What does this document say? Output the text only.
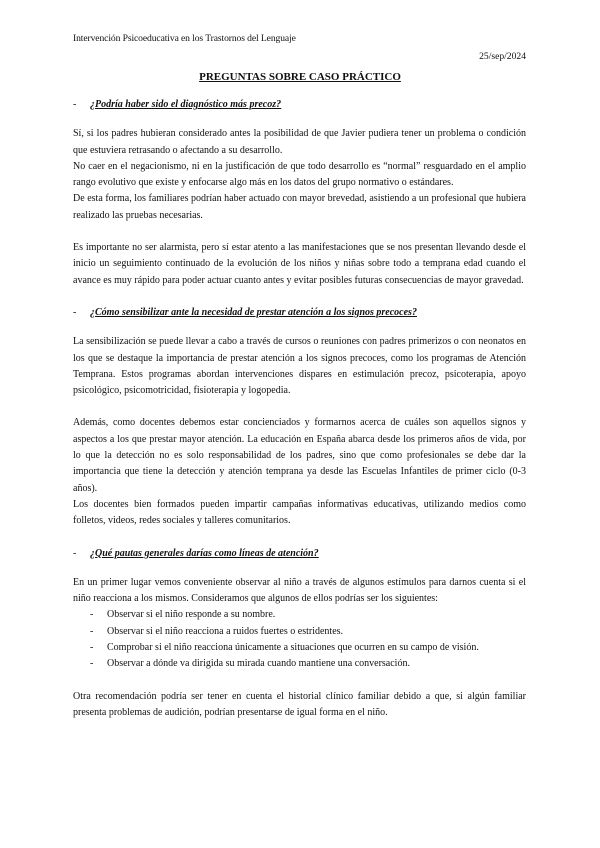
Intervención Psicoeducativa en los Trastornos del Lenguaje
25/sep/2024
PREGUNTAS SOBRE CASO PRÁCTICO
- ¿Podría haber sido el diagnóstico más precoz?

Sí, si los padres hubieran considerado antes la posibilidad de que Javier pudiera tener un problema o condición que estuviera retrasando o afectando a su desarrollo.

No caer en el negacionismo, ni en la justificación de que todo desarrollo es “normal” resguardado en el amplio rango evolutivo que existe y enfocarse algo más en los datos del grupo normativo o estándares.

De esta forma, los familiares podrían haber actuado con mayor brevedad, asistiendo a un profesional que hubiera realizado las pruebas necesarias.

Es importante no ser alarmista, pero sí estar atento a las manifestaciones que se nos presentan llevando desde el inicio un seguimiento continuado de la evolución de los niños y niñas sobre todo a temprana edad cuando el avance es muy rápido para poder actuar cuanto antes y evitar posibles futuras consecuencias de mayor gravedad.

- ¿Cómo sensibilizar ante la necesidad de prestar atención a los signos precoces?

La sensibilización se puede llevar a cabo a través de cursos o reuniones con padres primerizos o con neonatos en los que se destaque la importancia de prestar atención a los signos precoces, como los programas de Atención Temprana. Estos programas abordan intervenciones dispares en estimulación precoz, psicoterapia, apoyo psicológico, psicomotricidad, fisioterapia y logopedia.

Además, como docentes debemos estar concienciados y formarnos acerca de cuáles son aquellos signos y aspectos a los que prestar mayor atención. La educación en España abarca desde los primeros años de vida, por lo que la detección no es solo responsabilidad de los padres, sino que como profesionales se debe dar la importancia que tiene la detección y atención temprana ya desde las Escuelas Infantiles de primer ciclo (0-3 años).

Los docentes bien formados pueden impartir campañas informativas educativas, utilizando medios como folletos, videos, redes sociales y talleres comunitarios.

- ¿Qué pautas generales darías como líneas de atención?

En un primer lugar vemos conveniente observar al niño a través de algunos estímulos para darnos cuenta si el niño reacciona a los mismos. Consideramos que algunos de ellos podrías ser los siguientes:

- Observar si el niño responde a su nombre.
- Observar si el niño reacciona a ruidos fuertes o estridentes.
- Comprobar si el niño reacciona únicamente a situaciones que ocurren en su campo de visión.
- Observar a dónde va dirigida su mirada cuando mantiene una conversación.

Otra recomendación podría ser tener en cuenta el historial clínico familiar debido a que, si algún familiar presenta problemas de audición, podrían presentarse de igual forma en el niño.
